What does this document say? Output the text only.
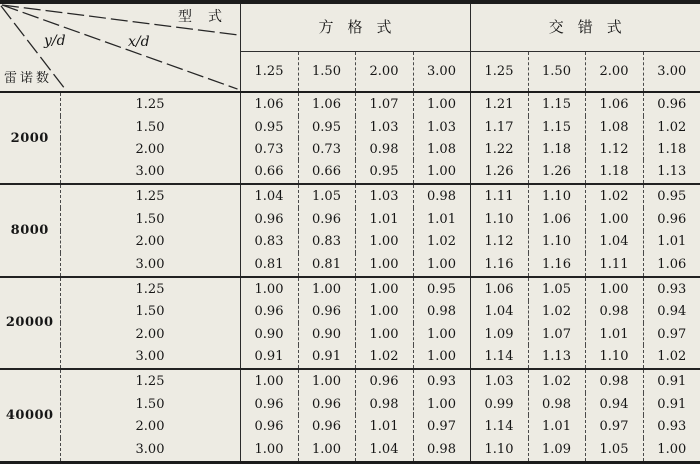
型式
y/d x/d
雷诺数		方格式				交错式			
		1.25	1.50	2.00	3.00	1.25	1.50	2.00	3.00
2000	1.25	1.06	1.06	1.07	1.00	1.21	1.15	1.06	0.96
	1.50	0.95	0.95	1.03	1.03	1.17	1.15	1.08	1.02
	2.00	0.73	0.73	0.98	1.08	1.22	1.18	1.12	1.18
	3.00	0.66	0.66	0.95	1.00	1.26	1.26	1.18	1.13
8000	1.25	1.04	1.05	1.03	0.98	1.11	1.10	1.02	0.95
	1.50	0.96	0.96	1.01	1.01	1.10	1.06	1.00	0.96
	2.00	0.83	0.83	1.00	1.02	1.12	1.10	1.04	1.01
	3.00	0.81	0.81	1.00	1.00	1.16	1.16	1.11	1.06
20000	1.25	1.00	1.00	1.00	0.95	1.06	1.05	1.00	0.93
	1.50	0.96	0.96	1.00	0.98	1.04	1.02	0.98	0.94
	2.00	0.90	0.90	1.00	1.00	1.09	1.07	1.01	0.97
	3.00	0.91	0.91	1.02	1.00	1.14	1.13	1.10	1.02
40000	1.25	1.00	1.00	0.96	0.93	1.03	1.02	0.98	0.91
	1.50	0.96	0.96	0.98	1.00	0.99	0.98	0.94	0.91
	2.00	0.96	0.96	1.01	0.97	1.14	1.01	0.97	0.93
	3.00	1.00	1.00	1.04	0.98	1.10	1.09	1.05	1.00
